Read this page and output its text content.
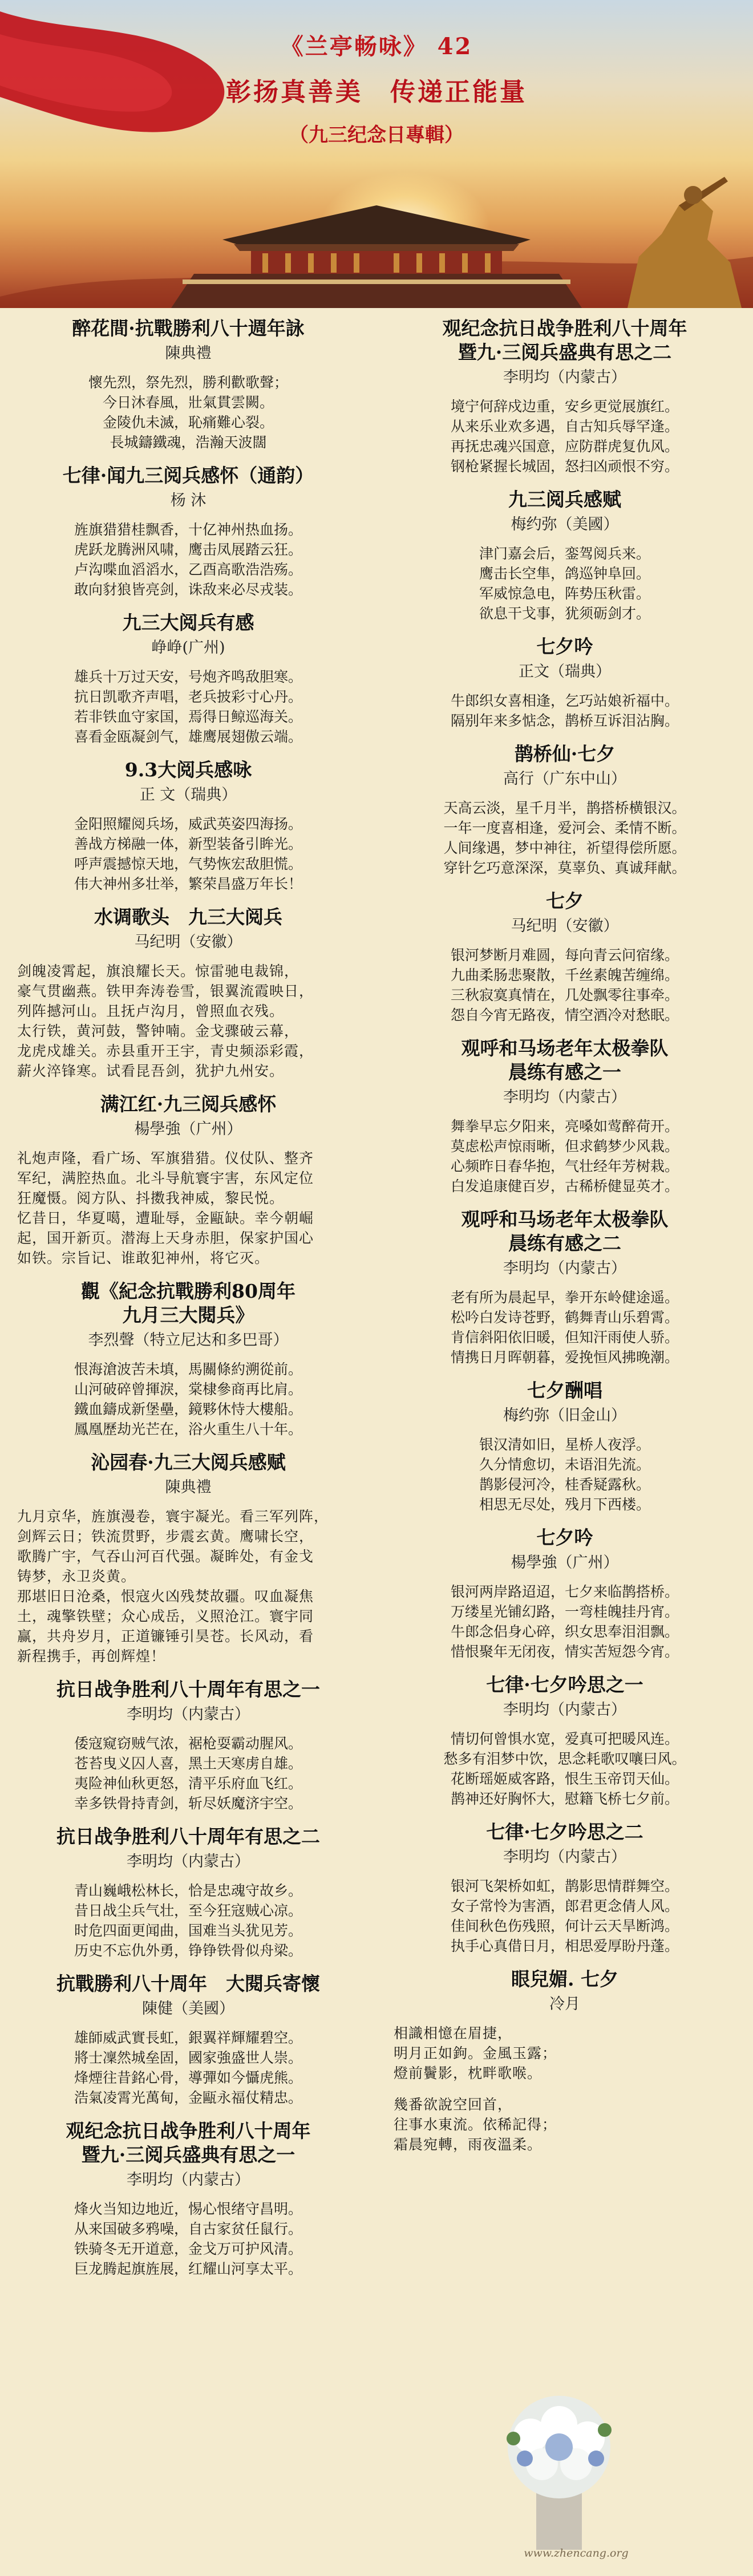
《兰亭畅咏》 42
彰扬真善美　传递正能量
（九三纪念日專輯）
醉花間·抗戰勝利八十週年詠
陳典禮
懷先烈，祭先烈，勝利歡歌聲；
今日沐春風，壯氣貫雲闕。
金陵仇未滅，恥痛難心裂。
長城鑄鐵魂，浩瀚天波闊
七律·闻九三阅兵感怀（通韵）
杨 沐
旌旗猎猎桂飘香，十亿神州热血扬。
虎跃龙腾洲风啸，鹰击凤展踏云狂。
卢沟喋血滔滔水，乙酉高歌浩浩殇。
敢向豺狼皆亮剑，诛敌来必尽戎装。
九三大阅兵有感
峥峥(广州)
雄兵十万过天安，号炮齐鸣敌胆寒。
抗日凯歌齐声唱，老兵披彩寸心丹。
若非铁血守家国，焉得日鲸巡海关。
喜看金瓯凝剑气，雄鹰展翅傲云端。
9.3大阅兵感咏
正 文（瑞典）
金阳照耀阅兵场，威武英姿四海扬。
善战方梯融一体，新型装备引眸光。
呼声震撼惊天地，气势恢宏敌胆慌。
伟大神州多壮举，繁荣昌盛万年长！
水调歌头　九三大阅兵
马纪明（安徽）
剑魄凌霄起，旗浪耀长天。惊雷驰电裁锦，
豪气贯幽燕。铁甲奔涛卷雪，银翼流霞映日，
列阵撼河山。且抚卢沟月，曾照血衣残。
太行铁，黄河鼓，警钟喃。金戈骤破云幕，
龙虎戍雄关。赤县重开王宇，青史频添彩霞，
薪火淬锋寒。试看昆吾剑，犹护九州安。
满江红·九三阅兵感怀
楊學強（广州）
礼炮声隆，看广场、军旗猎猎。仪仗队、整齐
军纪，满腔热血。北斗导航寰宇害，东风定位
狂魔慑。阅方队、抖擞我神威，黎民悦。
忆昔日，华夏噶，遭耻辱，金甌缺。幸今朝崛
起，国开新页。潜海上天身赤胆，保家护国心
如铁。宗旨记、谁敢犯神州，将它灭。
觀《紀念抗戰勝利80周年
九月三大閱兵》
李烈聲（特立尼达和多巴哥）
恨海滄波苦未填，馬關條約溯從前。
山河破碎曾揮淚，棠棣參商再比肩。
鐵血鑄成新堡壘，鏡夥休恃大樓船。
鳳凰歷劫光芒在，浴火重生八十年。
沁园春·九三大阅兵感赋
陳典禮
九月京华，旌旗漫卷，寰宇凝光。看三军列阵，
剑辉云日；铁流贯野，步震玄黄。鹰啸长空，
歌腾广宇，气吞山河百代强。凝眸处，有金戈
铸梦，永卫炎黄。
那堪旧日沧桑，恨寇火凶残焚故疆。叹血凝焦
土，魂擎铁壁；众心成岳，义照沧江。寰宇同
赢，共舟岁月，正道镰锤引昊苍。长风动，看
新程携手，再创辉煌！
抗日战争胜利八十周年有思之一
李明均（内蒙古）
倭寇窥窃贼气浓，裾枪耍霸动腥风。
苍苔曳义囚人喜，黑土天寒虏自雄。
夷险神仙秋更怒，清平乐府血飞红。
幸多铁骨持青剑，斩尽妖魔济宇空。
抗日战争胜利八十周年有思之二
李明均（内蒙古）
青山巍峨松林长，恰是忠魂守故乡。
昔日战尘兵气壮，至今狂寇贼心凉。
时危四面更闻曲，国难当头犹见芳。
历史不忘仇外勇，铮铮铁骨似舟梁。
抗戰勝利八十周年　大閱兵寄懷
陳健（美國）
雄師威武實長虹，銀翼祥輝耀碧空。
將士凜然城垒固，國家強盛世人崇。
烽煙往昔銘心骨，導彈如今懾虎熊。
浩氣凌霄光萬甸，金甌永福仗精忠。
观纪念抗日战争胜利八十周年
暨九·三阅兵盛典有思之一
李明均（内蒙古）
烽火当知边地近，惕心恨绪守昌明。
从来国破多鸦噪，自古家贫任鼠行。
铁骑冬无开道意，金戈万可护风清。
巨龙腾起旗旌展，红耀山河享太平。
观纪念抗日战争胜利八十周年
暨九·三阅兵盛典有思之二
李明均（内蒙古）
境宁何辞戍边重，安乡更觉展旗红。
从来乐业欢多遇，自古知兵辱罕逢。
再抚忠魂兴国意，应防群虎复仇风。
钢枪紧握长城固，怒扫凶顽恨不穷。
九三阅兵感赋
梅约弥（美國）
津门嘉会后，銮驾阅兵来。
鹰击长空隼，鸽巡钟阜回。
军威惊急电，阵势压秋雷。
欲息干戈事，犹须砺剑才。
七夕吟
正文（瑞典）
牛郎织女喜相逢，乞巧站娘祈福中。
隔别年来多惦念，鹊桥互诉泪沾胸。
鹊桥仙·七夕
高行（广东中山）
天高云淡，星千月半，鹊搭桥横银汉。
一年一度喜相逢，爱河会、柔情不断。
人间缘遇，梦中神往，祈望得偿所愿。
穿针乞巧意深深，莫辜负、真诚拜献。
七夕
马纪明（安徽）
银河梦断月难圆，每向青云问宿缘。
九曲柔肠悲聚散，千丝素魄苦缠绵。
三秋寂寞真情在，几处飘零往事牵。
怨自今宵无路夜，情空酒冷对愁眠。
观呼和马场老年太极拳队
晨练有感之一
李明均（内蒙古）
舞拳早忘夕阳来，亮嗓如莺醉荷开。
莫虑松声惊雨晰，但求鹤梦少风栽。
心频昨日春华抱，气壮经年芳树栽。
白发追康健百岁，古稀桥健显英才。
观呼和马场老年太极拳队
晨练有感之二
李明均（内蒙古）
老有所为晨起早，拳开东岭健途遥。
松吟白发诗苍野，鹤舞青山乐碧霄。
肯信斜阳依旧暖，但知汗雨使人骄。
情携日月晖朝暮，爱挽恒风拂晚潮。
七夕酬唱
梅约弥（旧金山）
银汉清如旧，星桥人夜浮。
久分情愈切，未语泪先流。
鹊影侵河冷，桂香疑露秋。
相思无尽处，残月下西楼。
七夕吟
楊學強（广州）
银河两岸路迢迢，七夕来临鹊搭桥。
万缕星光铺幻路，一弯桂魄挂丹宵。
牛郎念侣身心碎，织女思奉泪泪飘。
惜恨聚年无闭夜，情实苦短怨今宵。
七律·七夕吟思之一
李明均（内蒙古）
情切何曾惧水宽，爱真可把暖风连。
愁多有泪梦中饮，思念耗歌叹嚷曰风。
花断瑶姬威客路，恨生玉帝罚天仙。
鹊神还好胸怀大，慰籍飞桥七夕前。
七律·七夕吟思之二
李明均（内蒙古）
银河飞架桥如虹，鹊影思情群舞空。
女子常怜为害酒，郎君更念倩人风。
佳间秋色伤残照，何计云天旱断鸿。
执手心真借日月，相思爱厚盼丹蓬。
眼兒媚. 七夕
冷月
相識相憶在眉捷，
明月正如鉤。金風玉露；
燈前鬢影，枕畔歌喉。
幾番欲說空回首，
往事水東流。依稀記得；
霜晨宛轉，雨夜溫柔。
www.zhencang.org
